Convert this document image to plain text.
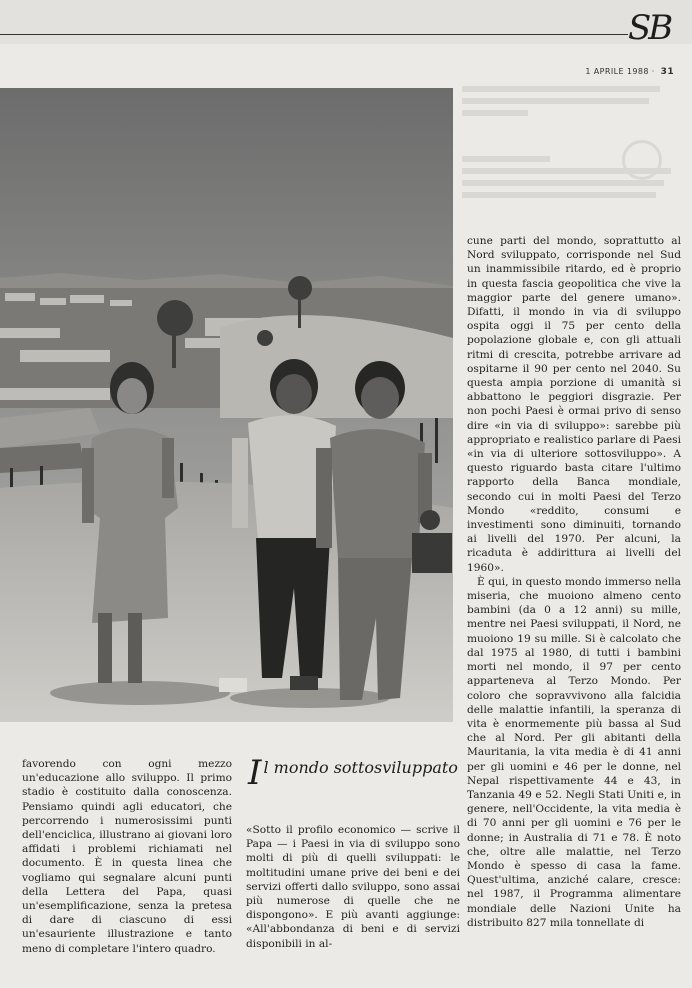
SB
1 APRILE 1988 · 31

favorendo con ogni mezzo un'educazione allo sviluppo. Il primo stadio è costituito dalla conoscenza. Pensiamo quindi agli educatori, che percorrendo i numerosissimi punti dell'enciclica, illustrano ai giovani loro affidati i problemi richiamati nel documento. È in questa linea che vogliamo qui segnalare alcuni punti della Lettera del Papa, quasi un'esemplificazione, senza la pretesa di dare di ciascuno di essi un'esauriente illustrazione e tanto meno di completare l'intero quadro.

Il mondo sottosviluppato

«Sotto il profilo economico — scrive il Papa — i Paesi in via di sviluppo sono molti di più di quelli sviluppati: le moltitudini umane prive dei beni e dei servizi offerti dallo sviluppo, sono assai più numerose di quelle che ne dispongono». E più avanti aggiunge: «All'abbondanza di beni e di servizi disponibili in al-

cune parti del mondo, soprattutto al Nord sviluppato, corrisponde nel Sud un inammissibile ritardo, ed è proprio in questa fascia geopolitica che vive la maggior parte del genere umano». Difatti, il mondo in via di sviluppo ospita oggi il 75 per cento della popolazione globale e, con gli attuali ritmi di crescita, potrebbe arrivare ad ospitarne il 90 per cento nel 2040. Su questa ampia porzione di umanità si abbattono le peggiori disgrazie. Per non pochi Paesi è ormai privo di senso dire «in via di sviluppo»: sarebbe più appropriato e realistico parlare di Paesi «in via di ulteriore sottosviluppo». A questo riguardo basta citare l'ultimo rapporto della Banca mondiale, secondo cui in molti Paesi del Terzo Mondo «reddito, consumi e investimenti sono diminuiti, tornando ai livelli del 1970. Per alcuni, la ricaduta è addirittura ai livelli del 1960».

È qui, in questo mondo immerso nella miseria, che muoiono almeno cento bambini (da 0 a 12 anni) su mille, mentre nei Paesi sviluppati, il Nord, ne muoiono 19 su mille. Si è calcolato che dal 1975 al 1980, di tutti i bambini morti nel mondo, il 97 per cento apparteneva al Terzo Mondo. Per coloro che sopravvivono alla falcidia delle malattie infantili, la speranza di vita è enormemente più bassa al Sud che al Nord. Per gli abitanti della Mauritania, la vita media è di 41 anni per gli uomini e 46 per le donne, nel Nepal rispettivamente 44 e 43, in Tanzania 49 e 52. Negli Stati Uniti e, in genere, nell'Occidente, la vita media è di 70 anni per gli uomini e 76 per le donne; in Australia di 71 e 78. È noto che, oltre alle malattie, nel Terzo Mondo è spesso di casa la fame. Quest'ultima, anziché calare, cresce: nel 1987, il Programma alimentare mondiale delle Nazioni Unite ha distribuito 827 mila tonnellate di
